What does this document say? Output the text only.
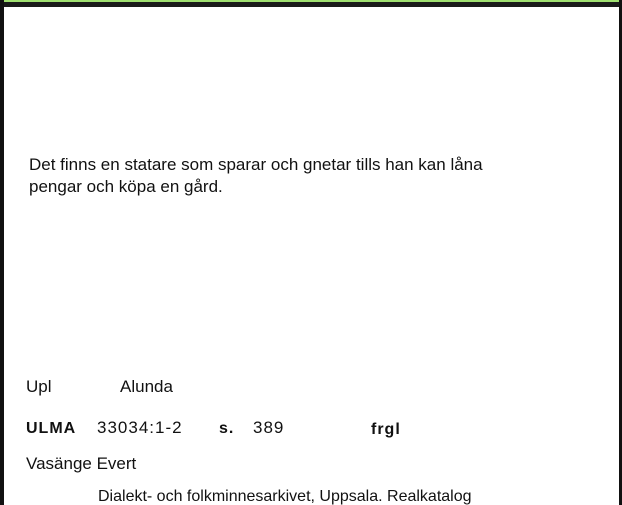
Det finns en statare som sparar och gnetar tills han kan låna
pengar och köpa en gård.
Upl	Alunda
ULMA 33034:1-2 s. 389	frgl
Vasänge Evert
Dialekt- och folkminnesarkivet, Uppsala. Realkatalog
